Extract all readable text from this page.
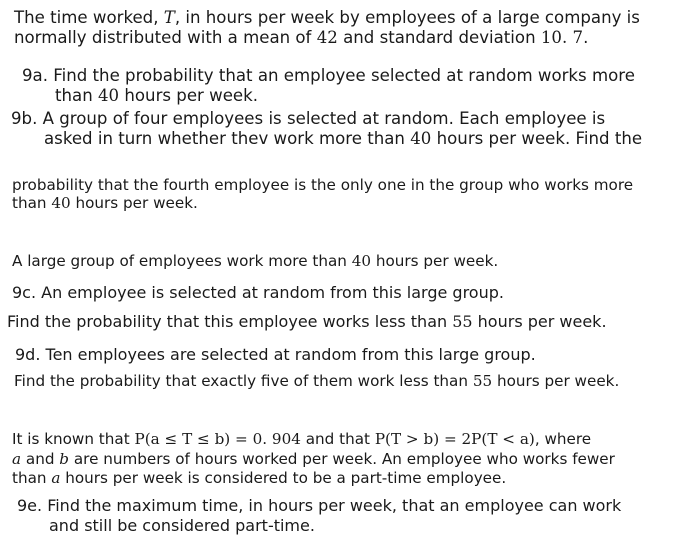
The time worked, T, in hours per week by employees of a large company is
normally distributed with a mean of 42 and standard deviation 10. 7.
9a. Find the probability that an employee selected at random works more
than 40 hours per week.
9b. A group of four employees is selected at random. Each employee is
asked in turn whether thev work more than 40 hours per week. Find the
probability that the fourth employee is the only one in the group who works more
than 40 hours per week.
A large group of employees work more than 40 hours per week.
9c. An employee is selected at random from this large group.
Find the probability that this employee works less than 55 hours per week.
9d. Ten employees are selected at random from this large group.
Find the probability that exactly five of them work less than 55 hours per week.
It is known that P(a ≤ T ≤ b) = 0. 904 and that P(T > b) = 2P(T < a), where
a and b are numbers of hours worked per week. An employee who works fewer
than a hours per week is considered to be a part-time employee.
9e. Find the maximum time, in hours per week, that an employee can work
and still be considered part-time.
